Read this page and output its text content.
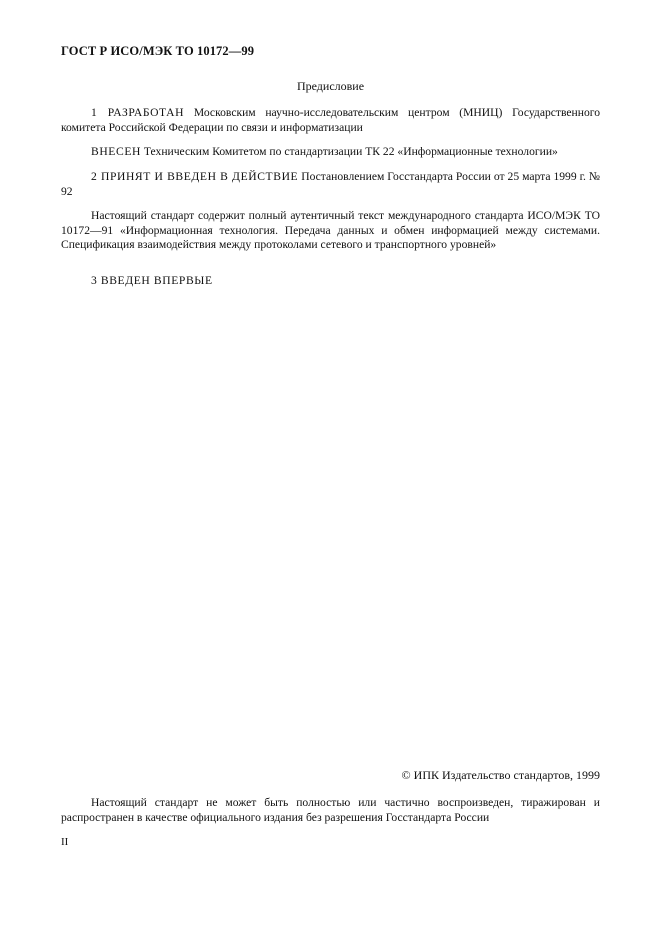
ГОСТ Р ИСО/МЭК ТО 10172—99
Предисловие
1 РАЗРАБОТАН Московским научно-исследовательским центром (МНИЦ) Государственного комитета Российской Федерации по связи и информатизации
ВНЕСЕН Техническим Комитетом по стандартизации ТК 22 «Информационные технологии»
2 ПРИНЯТ И ВВЕДЕН В ДЕЙСТВИЕ Постановлением Госстандарта России от 25 марта 1999 г. № 92
Настоящий стандарт содержит полный аутентичный текст международного стандарта ИСО/МЭК ТО 10172—91 «Информационная технология. Передача данных и обмен информацией между системами. Спецификация взаимодействия между протоколами сетевого и транспортного уровней»
3 ВВЕДЕН ВПЕРВЫЕ
© ИПК Издательство стандартов, 1999
Настоящий стандарт не может быть полностью или частично воспроизведен, тиражирован и распространен в качестве официального издания без разрешения Госстандарта России
II
